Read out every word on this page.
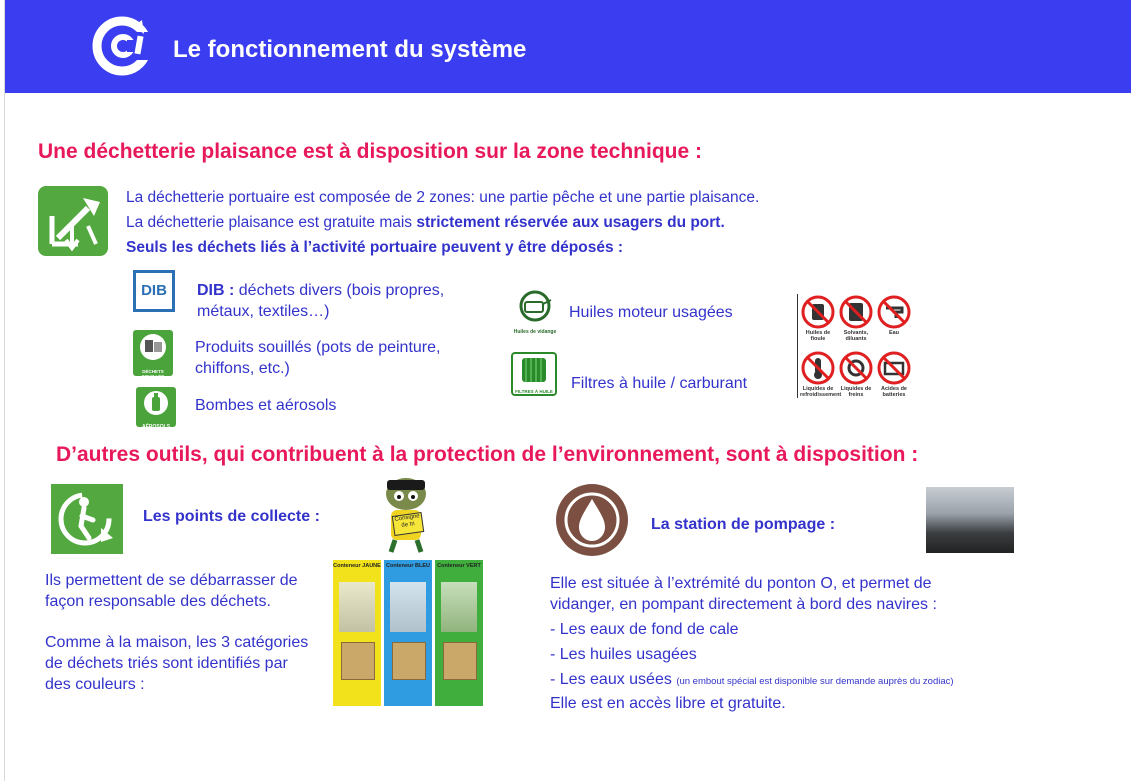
Le fonctionnement du système
Une déchetterie plaisance est à disposition sur la zone technique :
La déchetterie portuaire est composée de 2 zones: une partie pêche et une partie plaisance.
La déchetterie plaisance est gratuite mais strictement réservée aux usagers du port.
Seuls les déchets liés à l’activité portuaire peuvent y être déposés :
DIB	DIB : déchets divers (bois propres, métaux, textiles…)
DÉCHETS SOUILLÉS
Produits souillés (pots de peinture, chiffons, etc.)
AÉROSOLS
Bombes et aérosols
Huiles de vidange
Huiles moteur usagées
FILTRES À HUILE Filtres à huile / carburant
Huiles de fioule
Solvants, diluants
Eau
Liquides de refroidissement
Liquides de freins
Acides de batteries
D’autres outils, qui contribuent à la protection de l’environnement, sont à disposition :
Les points de collecte :	Consigne de tri
Ils permettent de se débarrasser de façon responsable des déchets.
Comme à la maison, les 3 catégories de déchets triés sont identifiés par des couleurs :
Conteneur JAUNE Conteneur BLEU	Conteneur VERT
La station de pompage :
Elle est située à l’extrémité du ponton O, et permet de vidanger, en pompant directement à bord des navires :
- Les eaux de fond de cale
- Les huiles usagées
- Les eaux usées (un embout spécial est disponible sur demande auprès du zodiac)
Elle est en accès libre et gratuite.
